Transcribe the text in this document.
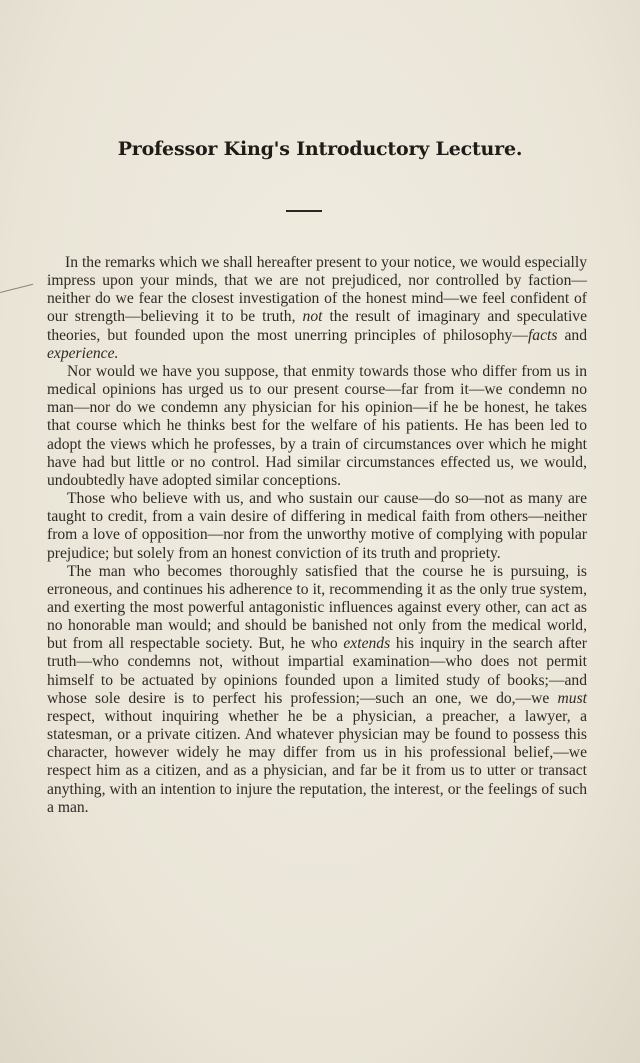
Professor King's Introductory Lecture.

In the remarks which we shall hereafter present to your notice, we would especially impress upon your minds, that we are not prejudiced, nor controlled by faction—neither do we fear the closest investigation of the honest mind—we feel confident of our strength—believing it to be truth, not the result of imaginary and speculative theories, but founded upon the most unerring principles of philosophy—facts and experience.

Nor would we have you suppose, that enmity towards those who differ from us in medical opinions has urged us to our present course—far from it—we condemn no man—nor do we condemn any physician for his opinion—if he be honest, he takes that course which he thinks best for the welfare of his patients. He has been led to adopt the views which he professes, by a train of circumstances over which he might have had but little or no control. Had similar circumstances effected us, we would, undoubtedly have adopted similar conceptions.

Those who believe with us, and who sustain our cause—do so—not as many are taught to credit, from a vain desire of differing in medical faith from others—neither from a love of opposition—nor from the unworthy motive of complying with popular prejudice; but solely from an honest conviction of its truth and propriety.

The man who becomes thoroughly satisfied that the course he is pursuing, is erroneous, and continues his adherence to it, recommending it as the only true system, and exerting the most powerful antagonistic influences against every other, can act as no honorable man would; and should be banished not only from the medical world, but from all respectable society. But, he who extends his inquiry in the search after truth—who condemns not, without impartial examination—who does not permit himself to be actuated by opinions founded upon a limited study of books;—and whose sole desire is to perfect his profession;—such an one, we do,—we must respect, without inquiring whether he be a physician, a preacher, a lawyer, a statesman, or a private citizen. And whatever physician may be found to possess this character, however widely he may differ from us in his professional belief,—we respect him as a citizen, and as a physician, and far be it from us to utter or transact anything, with an intention to injure the reputation, the interest, or the feelings of such a man.
